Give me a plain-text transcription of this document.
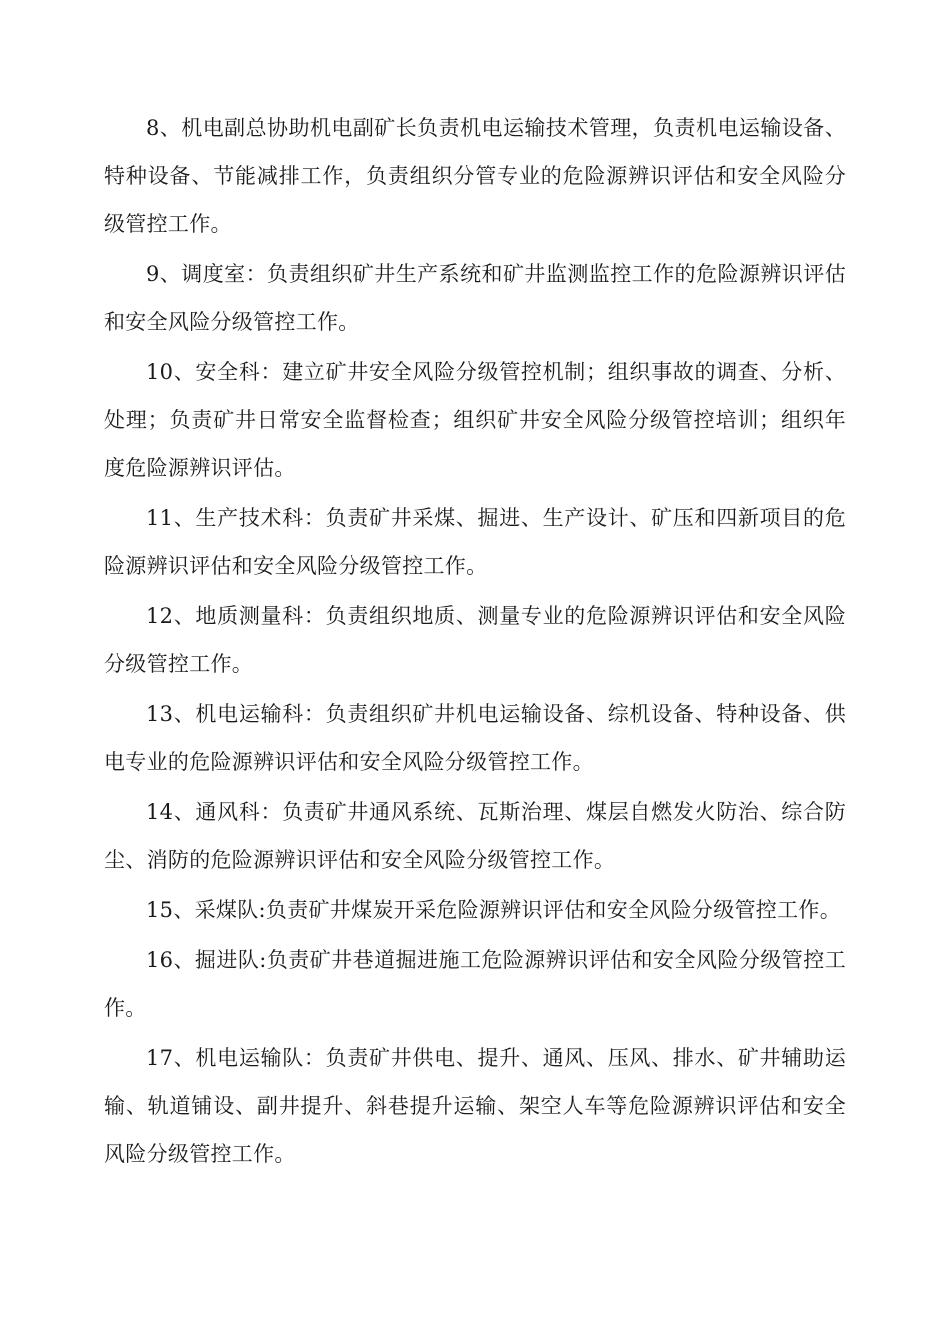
8、机电副总协助机电副矿长负责机电运输技术管理，负责机电运输设备、特种设备、节能减排工作，负责组织分管专业的危险源辨识评估和安全风险分级管控工作。

9、调度室：负责组织矿井生产系统和矿井监测监控工作的危险源辨识评估和安全风险分级管控工作。

10、安全科：建立矿井安全风险分级管控机制；组织事故的调查、分析、处理；负责矿井日常安全监督检查；组织矿井安全风险分级管控培训；组织年度危险源辨识评估。

11、生产技术科：负责矿井采煤、掘进、生产设计、矿压和四新项目的危险源辨识评估和安全风险分级管控工作。

12、地质测量科：负责组织地质、测量专业的危险源辨识评估和安全风险分级管控工作。

13、机电运输科：负责组织矿井机电运输设备、综机设备、特种设备、供电专业的危险源辨识评估和安全风险分级管控工作。

14、通风科：负责矿井通风系统、瓦斯治理、煤层自燃发火防治、综合防尘、消防的危险源辨识评估和安全风险分级管控工作。

15、采煤队:负责矿井煤炭开采危险源辨识评估和安全风险分级管控工作。

16、掘进队:负责矿井巷道掘进施工危险源辨识评估和安全风险分级管控工作。

17、机电运输队：负责矿井供电、提升、通风、压风、排水、矿井辅助运输、轨道铺设、副井提升、斜巷提升运输、架空人车等危险源辨识评估和安全风险分级管控工作。
